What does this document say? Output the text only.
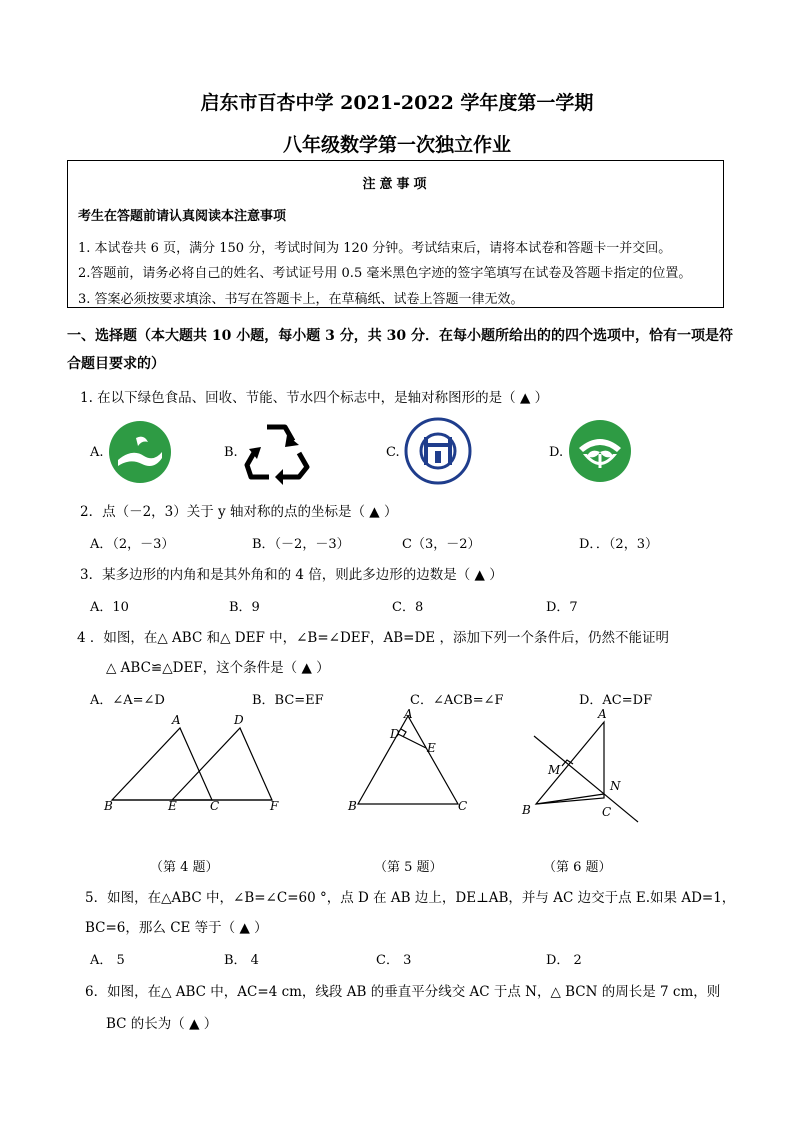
启东市百杏中学 2021-2022 学年度第一学期
八年级数学第一次独立作业
注意事项
考生在答题前请认真阅读本注意事项
1. 本试卷共 6 页，满分 150 分，考试时间为 120 分钟。考试结束后，请将本试卷和答题卡一并交回。
2.答题前，请务必将自己的姓名、考试证号用 0.5 毫米黑色字迹的签字笔填写在试卷及答题卡指定的位置。
3. 答案必须按要求填涂、书写在答题卡上，在草稿纸、试卷上答题一律无效。
一、选择题（本大题共 10 小题，每小题 3 分，共 30 分．在每小题所给出的的四个选项中，恰有一项是符
合题目要求的）
1. 在以下绿色食品、回收、节能、节水四个标志中，是轴对称图形的是（ ▲ ）
A.	B.	C.	D.
2．点（－2，3）关于 y 轴对称的点的坐标是（ ▲ ）
A．（2，－3）	B．（－2，－3）	C（3，－2）	D．．（2，3）
3．某多边形的内角和是其外角和的 4 倍，则此多边形的边数是（ ▲ ）
A．10	B．9	C．8	D．7
4 ．如图，在△ ABC 和△ DEF 中，∠B=∠DEF，AB=DE ，添加下列一个条件后，仍然不能证明
△ ABC≌△DEF，这个条件是（ ▲ ）
A．∠A=∠D	B．BC=EF	C．∠ACB=∠F	D．AC=DF
A	D
B	E	C	F
A
D
E
B	C
A
M
N
B	C
（第 4 题）	（第 5 题）	（第 6 题）
5．如图，在△ABC 中，∠B=∠C=60 °，点 D 在 AB 边上，DE⊥AB，并与 AC 边交于点 E.如果 AD=1，
BC=6，那么 CE 等于（ ▲ ）
A． 5	B． 4	C． 3	D． 2
6．如图，在△ ABC 中，AC=4 cm，线段 AB 的垂直平分线交 AC 于点 N，△ BCN 的周长是 7 cm，则
BC 的长为（ ▲ ）
